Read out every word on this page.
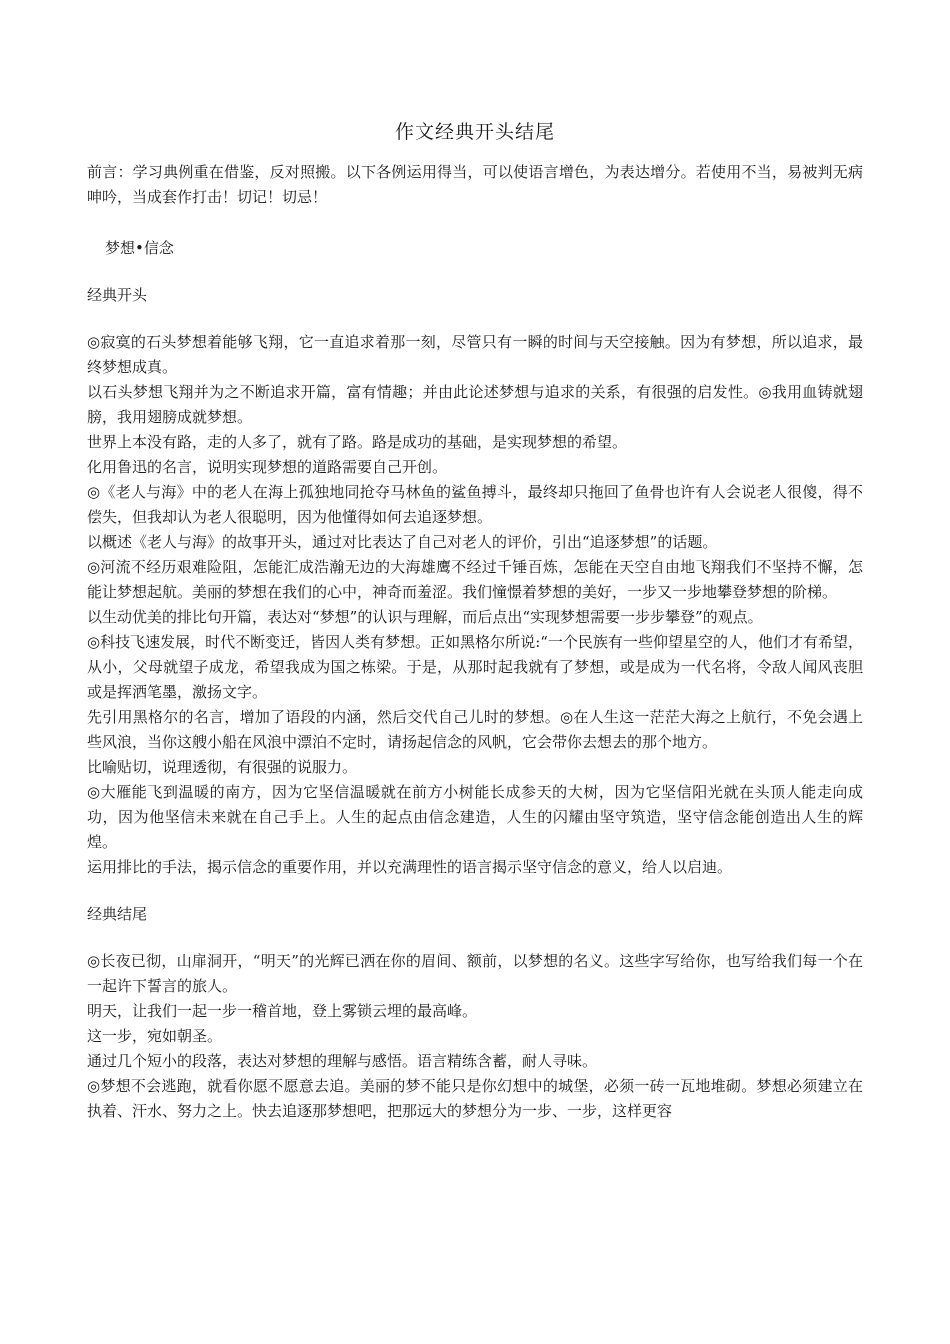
作文经典开头结尾

前言：学习典例重在借鉴，反对照搬。以下各例运用得当，可以使语言增色，为表达增分。若使用不当，易被判无病呻吟，当成套作打击！切记！切忌！

梦想•信念

经典开头

◎寂寞的石头梦想着能够飞翔，它一直追求着那一刻，尽管只有一瞬的时间与天空接触。因为有梦想，所以追求，最终梦想成真。

以石头梦想飞翔并为之不断追求开篇，富有情趣；并由此论述梦想与追求的关系，有很强的启发性。◎我用血铸就翅膀，我用翅膀成就梦想。

世界上本没有路，走的人多了，就有了路。路是成功的基础，是实现梦想的希望。

化用鲁迅的名言，说明实现梦想的道路需要自己开创。

◎《老人与海》中的老人在海上孤独地同抢夺马林鱼的鲨鱼搏斗，最终却只拖回了鱼骨也许有人会说老人很傻，得不偿失，但我却认为老人很聪明，因为他懂得如何去追逐梦想。

以概述《老人与海》的故事开头，通过对比表达了自己对老人的评价，引出“追逐梦想”的话题。

◎河流不经历艰难险阻，怎能汇成浩瀚无边的大海雄鹰不经过千锤百炼，怎能在天空自由地飞翔我们不坚持不懈，怎能让梦想起航。美丽的梦想在我们的心中，神奇而羞涩。我们憧憬着梦想的美好，一步又一步地攀登梦想的阶梯。

以生动优美的排比句开篇，表达对“梦想”的认识与理解，而后点出“实现梦想需要一步步攀登”的观点。

◎科技飞速发展，时代不断变迁，皆因人类有梦想。正如黑格尔所说:“一个民族有一些仰望星空的人，他们才有希望，从小，父母就望子成龙，希望我成为国之栋梁。于是，从那时起我就有了梦想，或是成为一代名将，令敌人闻风丧胆或是挥洒笔墨，激扬文字。

先引用黑格尔的名言，增加了语段的内涵，然后交代自己儿时的梦想。◎在人生这一茫茫大海之上航行，不免会遇上些风浪，当你这艘小船在风浪中漂泊不定时，请扬起信念的风帆，它会带你去想去的那个地方。

比喻贴切，说理透彻，有很强的说服力。

◎大雁能飞到温暖的南方，因为它坚信温暖就在前方小树能长成参天的大树，因为它坚信阳光就在头顶人能走向成功，因为他坚信未来就在自己手上。人生的起点由信念建造，人生的闪耀由坚守筑造，坚守信念能创造出人生的辉煌。

运用排比的手法，揭示信念的重要作用，并以充满理性的语言揭示坚守信念的意义，给人以启迪。

经典结尾

◎长夜已彻，山扉洞开，“明天”的光辉已洒在你的眉间、额前，以梦想的名义。这些字写给你，也写给我们每一个在一起许下誓言的旅人。

明天，让我们一起一步一稽首地，登上雾锁云埋的最高峰。

这一步，宛如朝圣。

通过几个短小的段落，表达对梦想的理解与感悟。语言精练含蓄，耐人寻味。

◎梦想不会逃跑，就看你愿不愿意去追。美丽的梦不能只是你幻想中的城堡，必须一砖一瓦地堆砌。梦想必须建立在执着、汗水、努力之上。快去追逐那梦想吧，把那远大的梦想分为一步、一步，这样更容
